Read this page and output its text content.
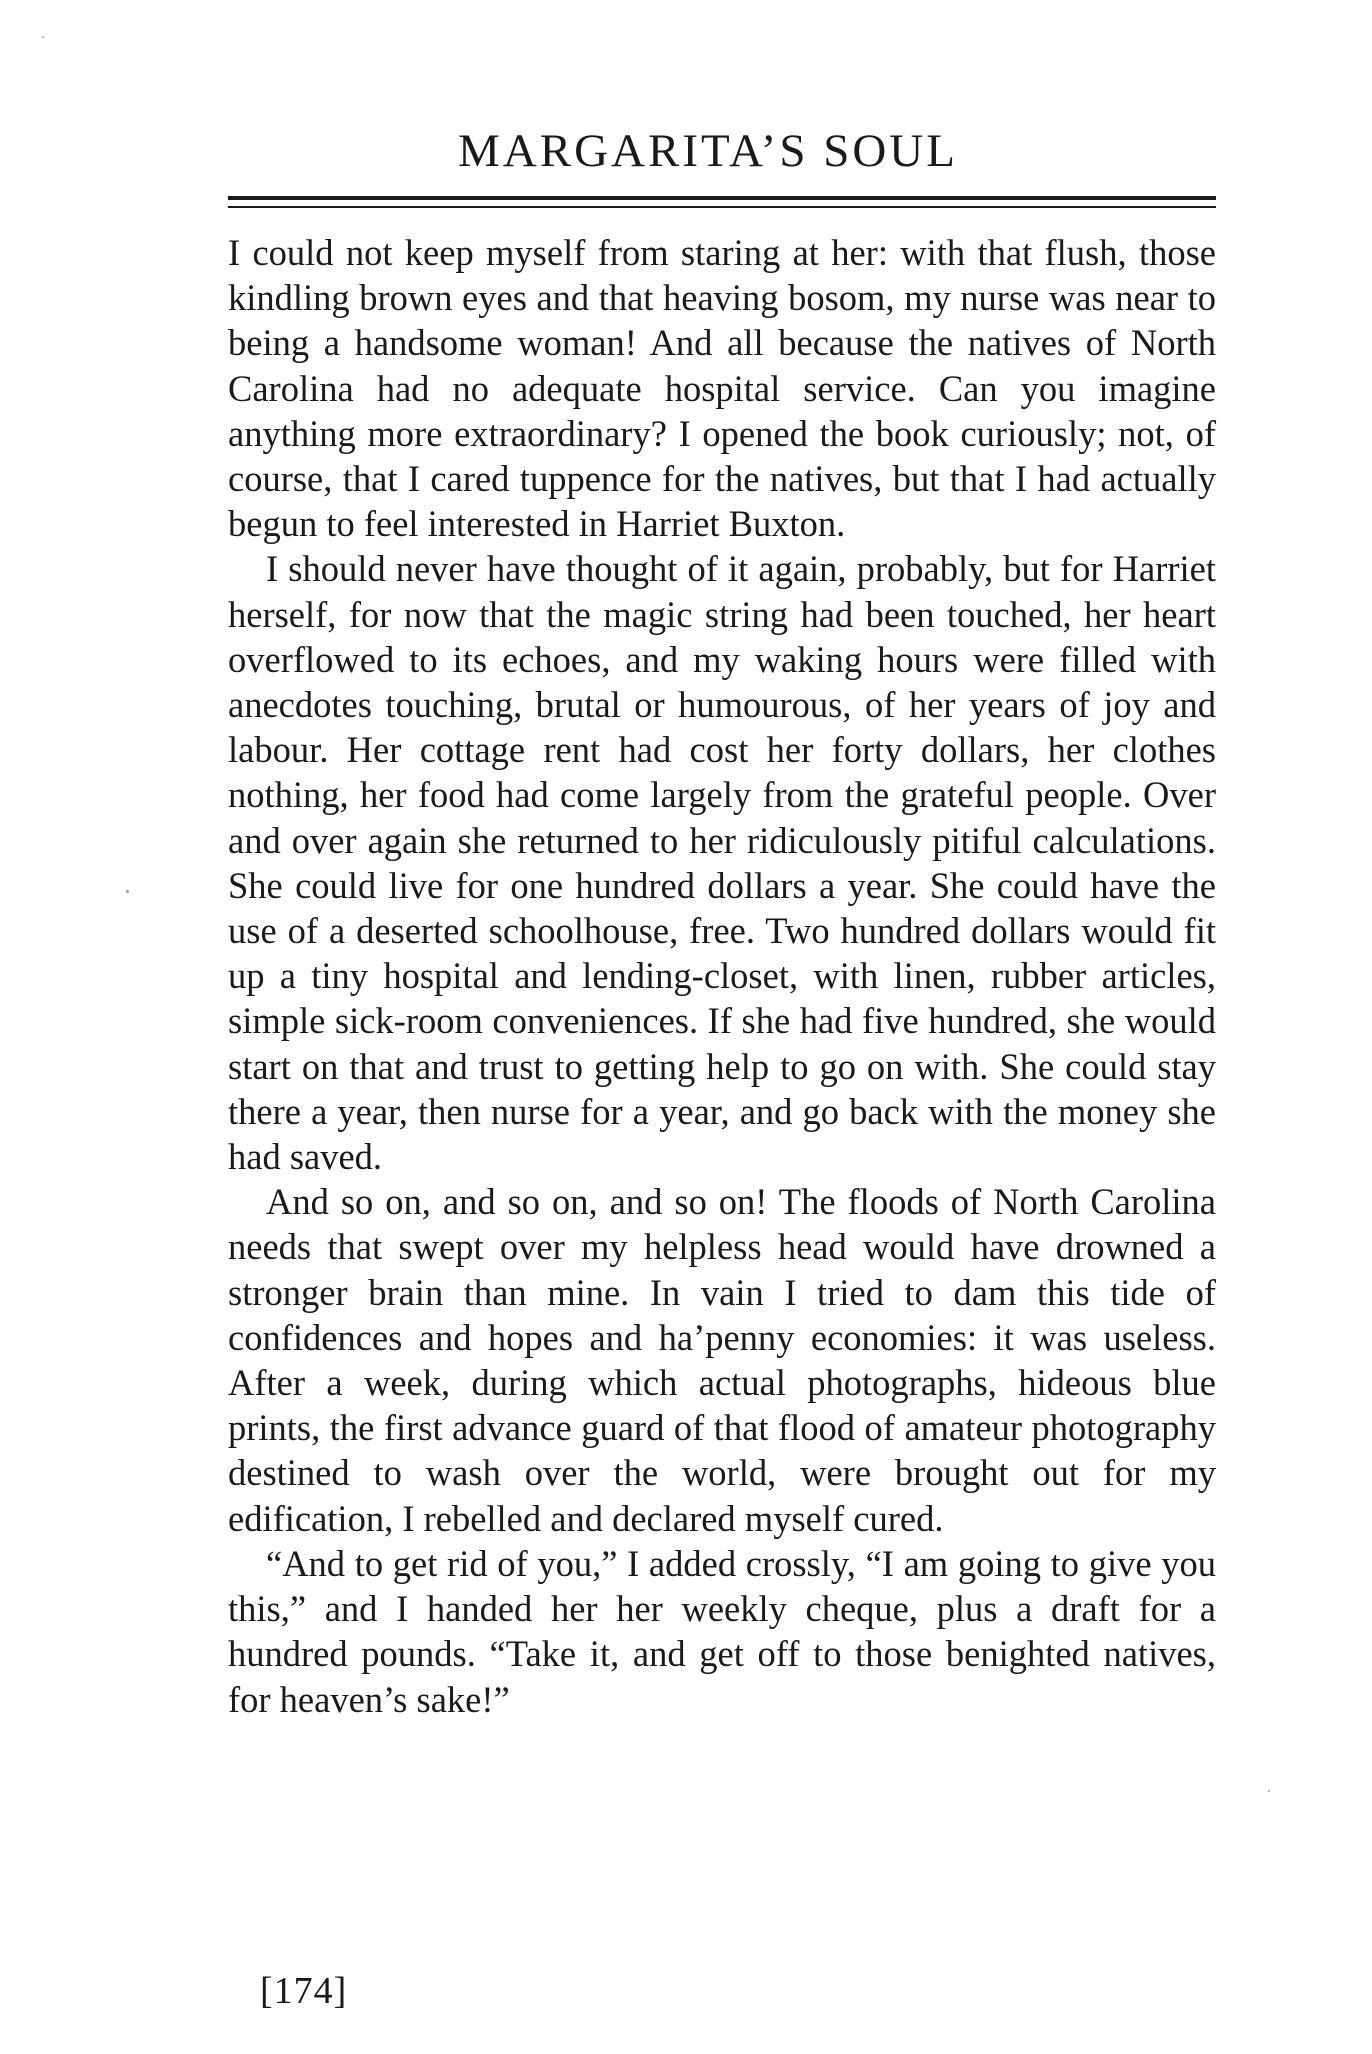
MARGARITA’S SOUL

I could not keep myself from staring at her: with that flush, those kindling brown eyes and that heaving bosom, my nurse was near to being a handsome woman! And all because the natives of North Carolina had no adequate hospital service. Can you imagine anything more extraordinary? I opened the book curiously; not, of course, that I cared tuppence for the natives, but that I had actually begun to feel interested in Harriet Buxton.

I should never have thought of it again, probably, but for Harriet herself, for now that the magic string had been touched, her heart overflowed to its echoes, and my waking hours were filled with anecdotes touching, brutal or humourous, of her years of joy and labour. Her cottage rent had cost her forty dollars, her clothes nothing, her food had come largely from the grateful people. Over and over again she returned to her ridiculously pitiful calculations. She could live for one hundred dollars a year. She could have the use of a deserted schoolhouse, free. Two hundred dollars would fit up a tiny hospital and lending-closet, with linen, rubber articles, simple sick-room conveniences. If she had five hundred, she would start on that and trust to getting help to go on with. She could stay there a year, then nurse for a year, and go back with the money she had saved.

And so on, and so on, and so on! The floods of North Carolina needs that swept over my helpless head would have drowned a stronger brain than mine. In vain I tried to dam this tide of confidences and hopes and ha’penny economies: it was useless. After a week, during which actual photographs, hideous blue prints, the first advance guard of that flood of amateur photography destined to wash over the world, were brought out for my edification, I rebelled and declared myself cured.

“And to get rid of you,” I added crossly, “I am going to give you this,” and I handed her her weekly cheque, plus a draft for a hundred pounds. “Take it, and get off to those benighted natives, for heaven’s sake!”

[174]
